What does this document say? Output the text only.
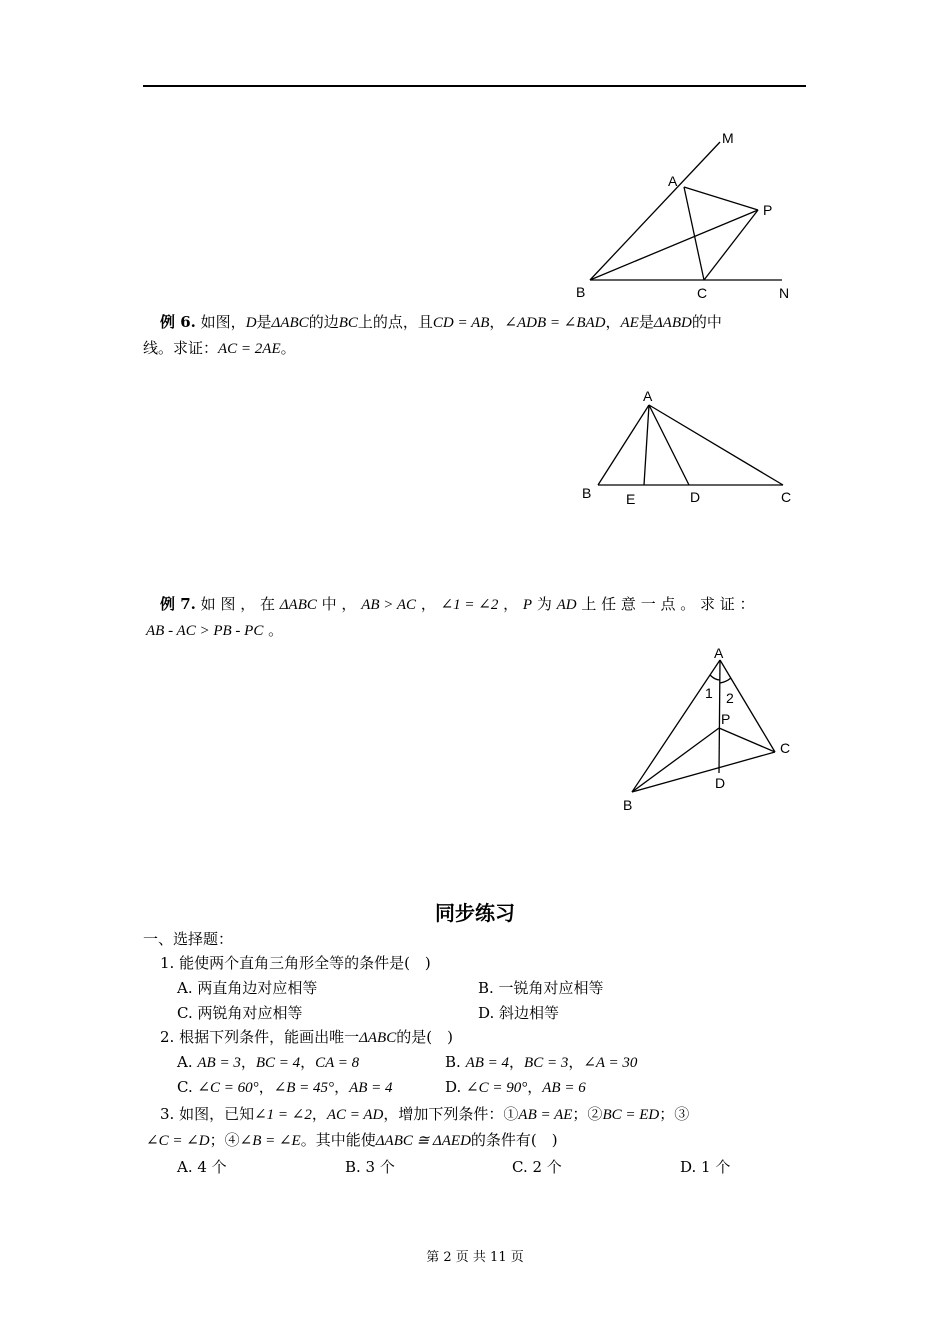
M
A
P
B	C	N
例 6. 如图，D是ΔABC的边BC上的点，且CD = AB，∠ADB = ∠BAD，AE是ΔABD的中
线。求证：AC = 2AE。
A
B E	D	C
例 7. 如 图 ， 在 ΔABC 中 ， AB > AC ， ∠1 = ∠2 ， P 为 AD 上 任 意 一 点 。 求 证 ：
AB - AC > PB - PC 。
A
1 2
P
C
D
B
同步练习
一、选择题：
1. 能使两个直角三角形全等的条件是(　)
A. 两直角边对应相等	B. 一锐角对应相等
C. 两锐角对应相等	D. 斜边相等
2. 根据下列条件，能画出唯一ΔABC的是(　)
A. AB = 3，BC = 4，CA = 8	B. AB = 4，BC = 3，∠A = 30
C. ∠C = 60°，∠B = 45°，AB = 4	D. ∠C = 90°，AB = 6
3. 如图，已知∠1 = ∠2，AC = AD，增加下列条件：①AB = AE；②BC = ED；③
∠C = ∠D；④∠B = ∠E。其中能使ΔABC ≅ ΔAED的条件有(　)
A. 4 个	B. 3 个	C. 2 个	D. 1 个
第 2 页 共 11 页
